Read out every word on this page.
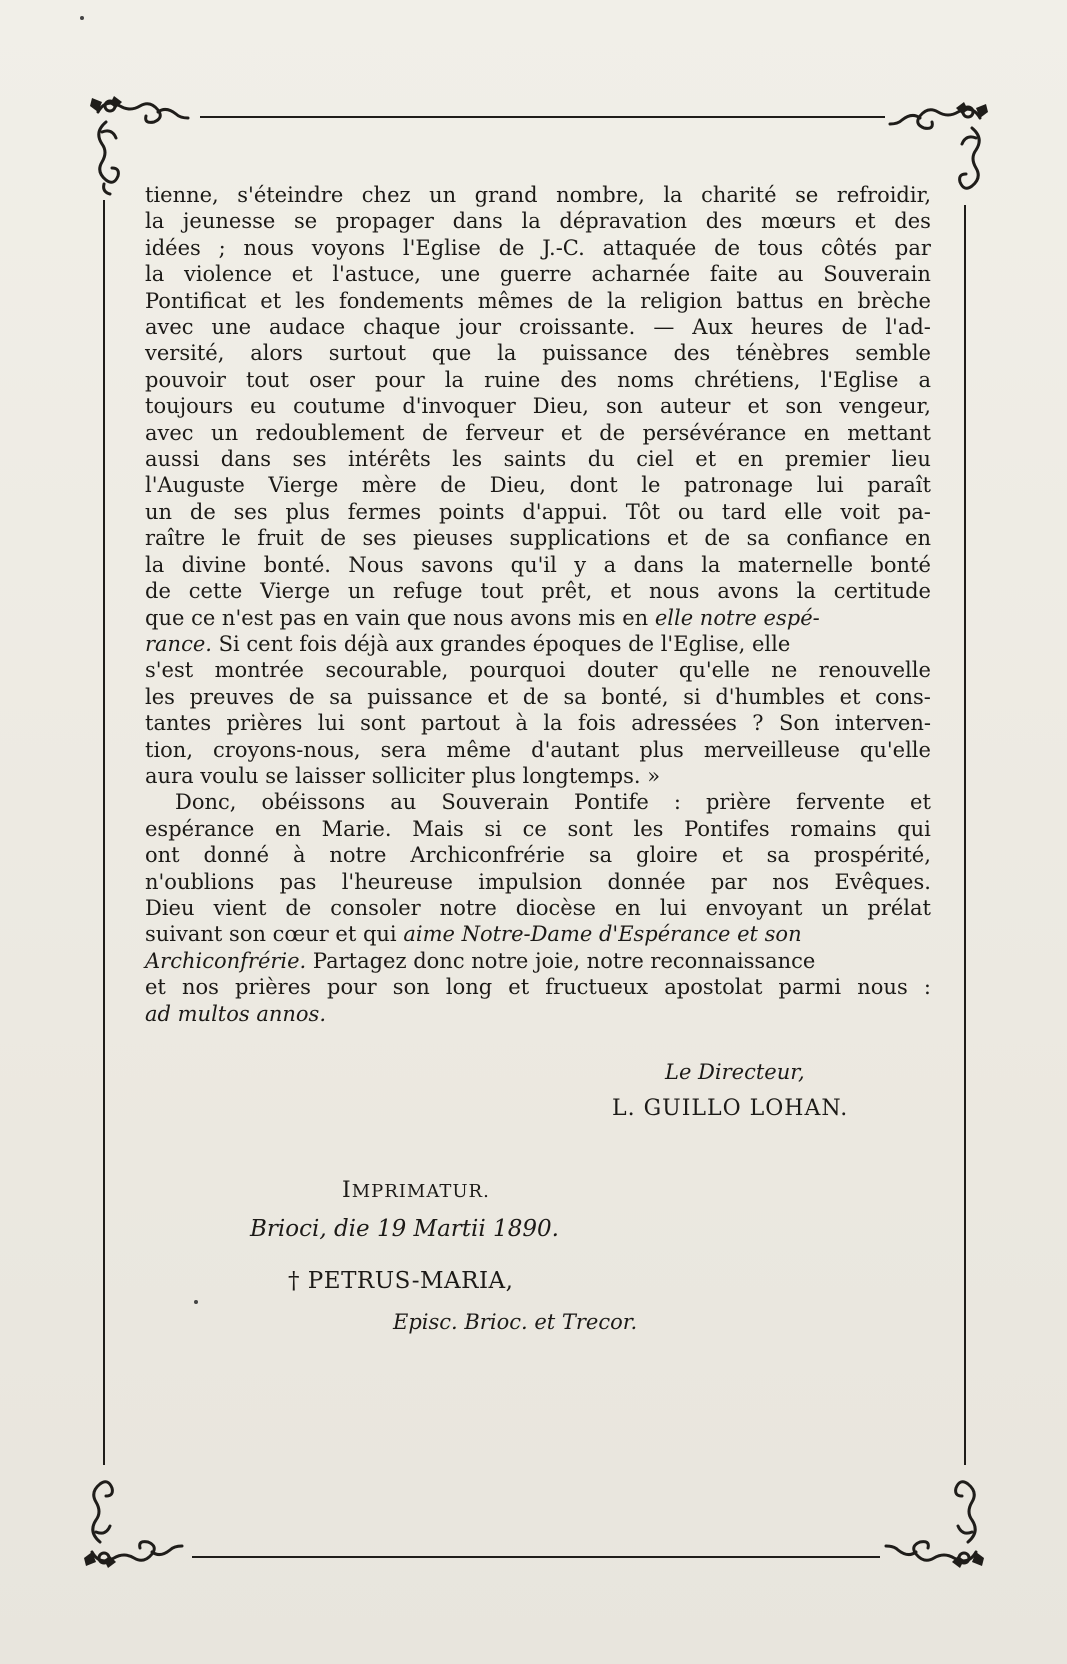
tienne, s'éteindre chez un grand nombre, la charité se refroidir,
la jeunesse se propager dans la dépravation des mœurs et des
idées ; nous voyons l'Eglise de J.-C. attaquée de tous côtés par
la violence et l'astuce, une guerre acharnée faite au Souverain
Pontificat et les fondements mêmes de la religion battus en brèche
avec une audace chaque jour croissante. — Aux heures de l'ad-
versité, alors surtout que la puissance des ténèbres semble
pouvoir tout oser pour la ruine des noms chrétiens, l'Eglise a
toujours eu coutume d'invoquer Dieu, son auteur et son vengeur,
avec un redoublement de ferveur et de persévérance en mettant
aussi dans ses intérêts les saints du ciel et en premier lieu
l'Auguste Vierge mère de Dieu, dont le patronage lui paraît
un de ses plus fermes points d'appui. Tôt ou tard elle voit pa-
raître le fruit de ses pieuses supplications et de sa confiance en
la divine bonté. Nous savons qu'il y a dans la maternelle bonté
de cette Vierge un refuge tout prêt, et nous avons la certitude
que ce n'est pas en vain que nous avons mis en elle notre espé-
rance. Si cent fois déjà aux grandes époques de l'Eglise, elle
s'est montrée secourable, pourquoi douter qu'elle ne renouvelle
les preuves de sa puissance et de sa bonté, si d'humbles et cons-
tantes prières lui sont partout à la fois adressées ? Son interven-
tion, croyons-nous, sera même d'autant plus merveilleuse qu'elle
aura voulu se laisser solliciter plus longtemps. »
Donc, obéissons au Souverain Pontife : prière fervente et
espérance en Marie. Mais si ce sont les Pontifes romains qui
ont donné à notre Archiconfrérie sa gloire et sa prospérité,
n'oublions pas l'heureuse impulsion donnée par nos Evêques.
Dieu vient de consoler notre diocèse en lui envoyant un prélat
suivant son cœur et qui aime Notre-Dame d'Espérance et son
Archiconfrérie. Partagez donc notre joie, notre reconnaissance
et nos prières pour son long et fructueux apostolat parmi nous :
ad multos annos.
Le Directeur,
L. GUILLO LOHAN.
IMPRIMATUR.
Brioci, die 19 Martii 1890.
† PETRUS-MARIA,
Episc. Brioc. et Trecor.
